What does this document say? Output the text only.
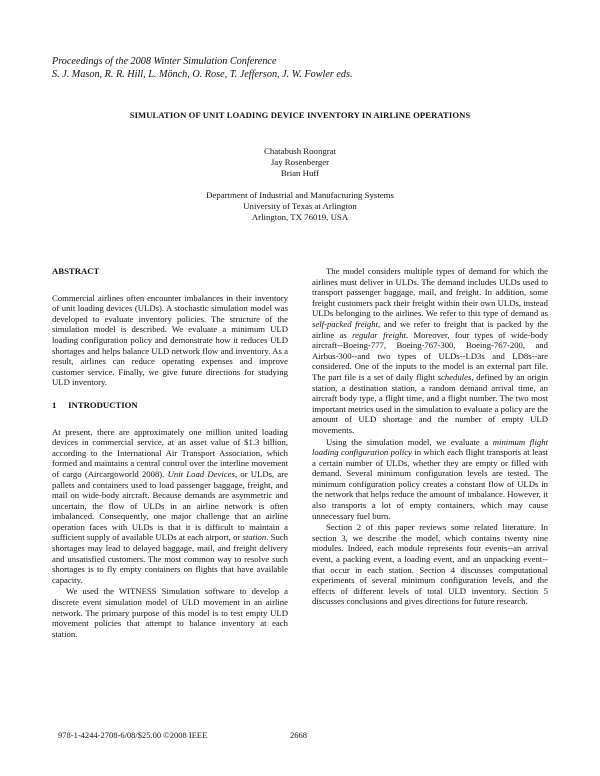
Proceedings of the 2008 Winter Simulation Conference
S. J. Mason, R. R. Hill, L. Mönch, O. Rose, T. Jefferson, J. W. Fowler eds.
SIMULATION OF UNIT LOADING DEVICE INVENTORY IN AIRLINE OPERATIONS
Chatabush Roongrat
Jay Rosenberger
Brian Huff
Department of Industrial and Manufacturing Systems
University of Texas at Arlington
Arlington, TX 76019, USA
ABSTRACT

Commercial airlines often encounter imbalances in their inventory of unit loading devices (ULDs). A stochastic simulation model was developed to evaluate inventory policies. The structure of the simulation model is described. We evaluate a minimum ULD loading configuration policy and demonstrate how it reduces ULD shortages and helps balance ULD network flow and inventory. As a result, airlines can reduce operating expenses and improve customer service. Finally, we give future directions for studying ULD inventory.

1 INTRODUCTION

At present, there are approximately one million united loading devices in commercial service, at an asset value of $1.3 billion, according to the International Air Transport Association, which formed and maintains a central control over the interline movement of cargo (Aircargoworld 2008). Unit Load Devices, or ULDs, are pallets and containers used to load passenger baggage, freight, and mail on wide-body aircraft. Because demands are asymmetric and uncertain, the flow of ULDs in an airline network is often imbalanced. Consequently, one major challenge that an airline operation faces with ULDs is that it is difficult to maintain a sufficient supply of available ULDs at each airport, or station. Such shortages may lead to delayed baggage, mail, and freight delivery and unsatisfied customers. The most common way to resolve such shortages is to fly empty containers on flights that have available capacity.

We used the WITNESS Simulation software to develop a discrete event simulation model of ULD movement in an airline network. The primary purpose of this model is to test empty ULD movement policies that attempt to balance inventory at each station.

The model considers multiple types of demand for which the airlines must deliver in ULDs. The demand includes ULDs used to transport passenger baggage, mail, and freight. In addition, some freight customers pack their freight within their own ULDs, instead ULDs belonging to the airlines. We refer to this type of demand as self-packed freight, and we refer to freight that is packed by the airline as regular freight. Moreover, four types of wide-body aircraft--Boeing-777, Boeing-767-300, Boeing-767-200, and Airbus-300--and two types of ULDs--LD3s and LD8s--are considered. One of the inputs to the model is an external part file. The part file is a set of daily flight schedules, defined by an origin station, a destination station, a random demand arrival time, an aircraft body type, a flight time, and a flight number. The two most important metrics used in the simulation to evaluate a policy are the amount of ULD shortage and the number of empty ULD movements.

Using the simulation model, we evaluate a minimum flight loading configuration policy in which each flight transports at least a certain number of ULDs, whether they are empty or filled with demand. Several minimum configuration levels are tested. The minimum configuration policy creates a constant flow of ULDs in the network that helps reduce the amount of imbalance. However, it also transports a lot of empty containers, which may cause unnecessary fuel burn.

Section 2 of this paper reviews some related literature. In section 3, we describe the model, which contains twenty nine modules. Indeed, each module represents four events--an arrival event, a packing event, a loading event, and an unpacking event--that occur in each station. Section 4 discusses computational experiments of several minimum configuration levels, and the effects of different levels of total ULD inventory. Section 5 discusses conclusions and gives directions for future research.

978-1-4244-2708-6/08/$25.00 ©2008 IEEE	2668
